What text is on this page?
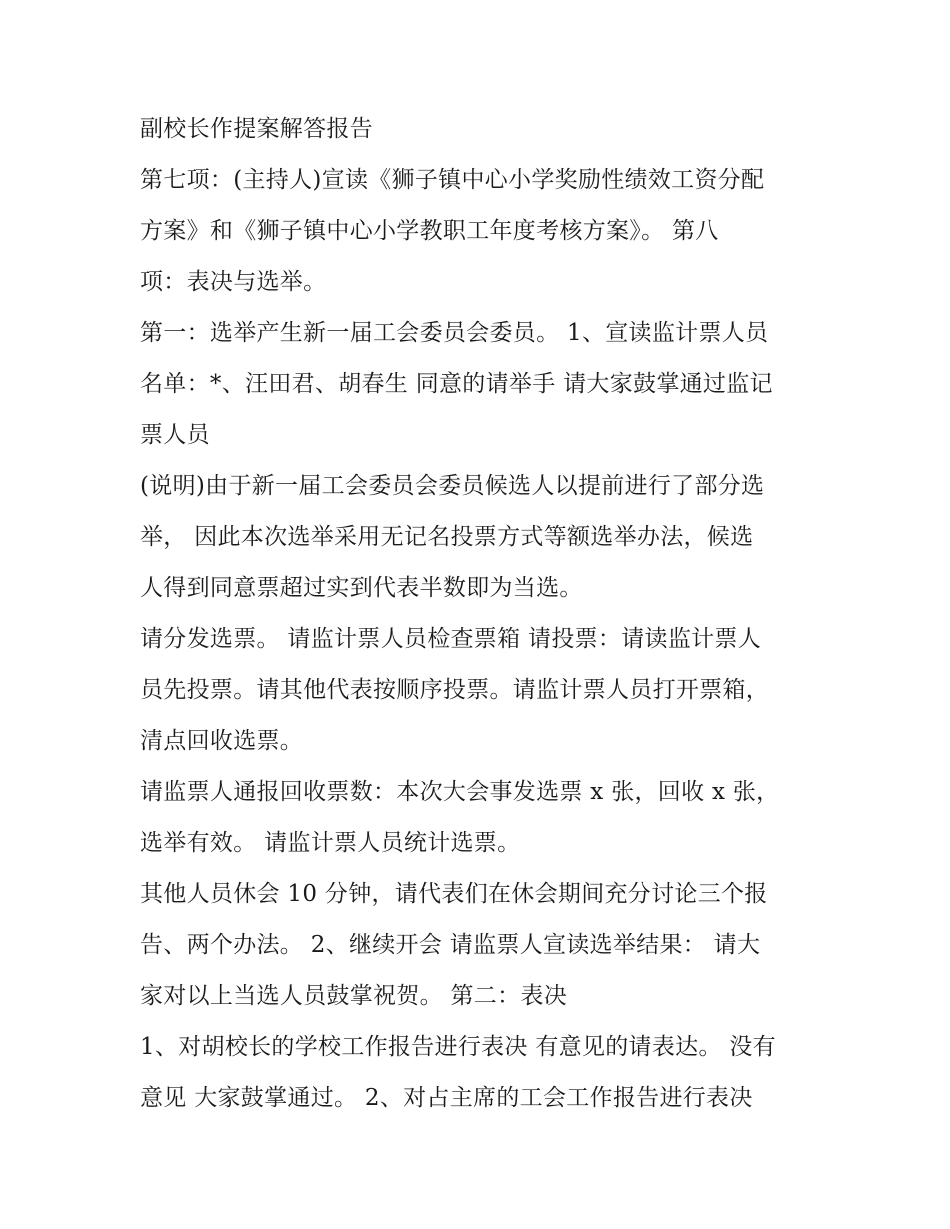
副校长作提案解答报告
第七项：(主持人)宣读《狮子镇中心小学奖励性绩效工资分配
方案》和《狮子镇中心小学教职工年度考核方案》。 第八
项：表决与选举。
第一：选举产生新一届工会委员会委员。 1、宣读监计票人员
名单：*、汪田君、胡春生 同意的请举手 请大家鼓掌通过监记
票人员
(说明)由于新一届工会委员会委员候选人以提前进行了部分选
举， 因此本次选举采用无记名投票方式等额选举办法，候选
人得到同意票超过实到代表半数即为当选。
请分发选票。 请监计票人员检查票箱 请投票：请读监计票人
员先投票。请其他代表按顺序投票。请监计票人员打开票箱，
清点回收选票。
请监票人通报回收票数：本次大会事发选票 x 张，回收 x 张，
选举有效。 请监计票人员统计选票。
其他人员休会 10 分钟，请代表们在休会期间充分讨论三个报
告、两个办法。 2、继续开会 请监票人宣读选举结果： 请大
家对以上当选人员鼓掌祝贺。 第二：表决
1、对胡校长的学校工作报告进行表决 有意见的请表达。 没有
意见 大家鼓掌通过。 2、对占主席的工会工作报告进行表决
